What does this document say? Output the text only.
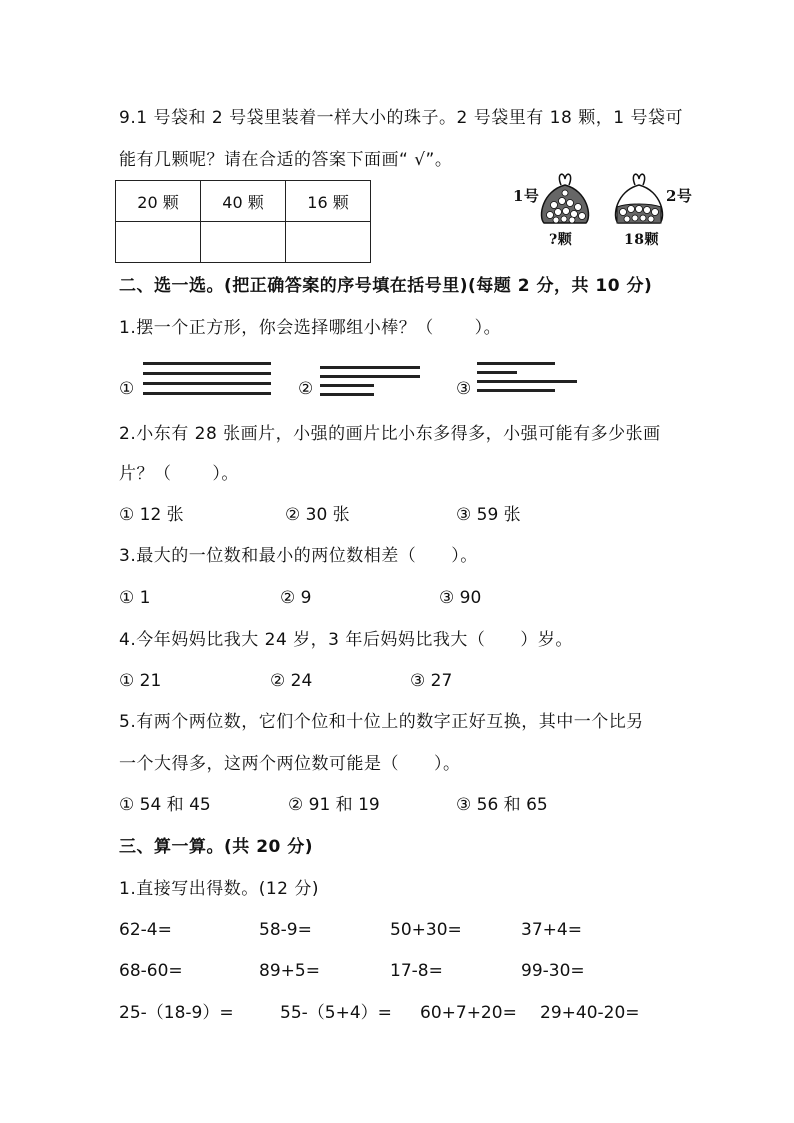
9.1 号袋和 2 号袋里装着一样大小的珠子。2 号袋里有 18 颗，1 号袋可
能有几颗呢？请在合适的答案下面画“ √”。
20 颗	40 颗	16 颗
			1号
?颗
2号
18颗
二、选一选。(把正确答案的序号填在括号里)(每题 2 分，共 10 分)
1.摆一个正方形，你会选择哪组小棒？（　　 ）。
①	②	③
2.小东有 28 张画片，小强的画片比小东多得多，小强可能有多少张画
片？（　　 ）。
① 12 张	② 30 张	③ 59 张
3.最大的一位数和最小的两位数相差（　　）。
① 1	② 9	③ 90
4.今年妈妈比我大 24 岁，3 年后妈妈比我大（　　）岁。
① 21	② 24	③ 27
5.有两个两位数，它们个位和十位上的数字正好互换，其中一个比另
一个大得多，这两个两位数可能是（　　）。
① 54 和 45	② 91 和 19	③ 56 和 65
三、算一算。(共 20 分)
1.直接写出得数。(12 分)
62-4=	58-9=	50+30=	37+4=
68-60=	89+5=	17-8=	99-30=
25-（18-9）=	55-（5+4）= 60+7+20= 29+40-20=
